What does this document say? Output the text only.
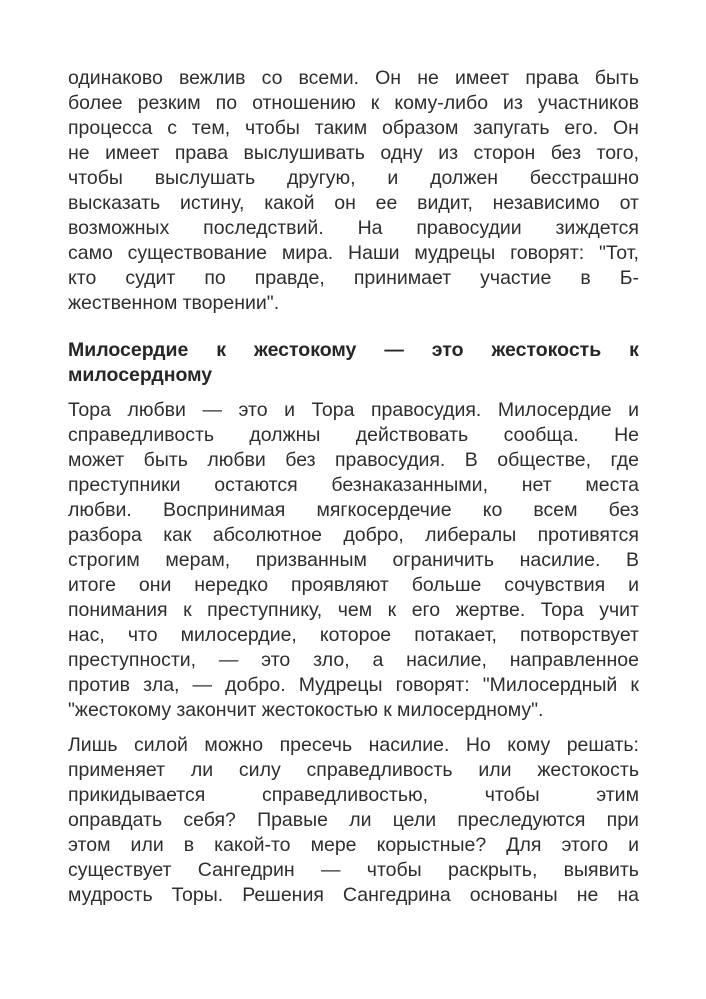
одинаково вежлив со всеми. Он не имеет права быть
более резким по отношению к кому-либо из участников
процесса с тем, чтобы таким образом запугать его. Он
не имеет права выслушивать одну из сторон без того,
чтобы выслушать другую, и должен бесстрашно
высказать истину, какой он ее видит, независимо от
возможных последствий. На правосудии зиждется
само существование мира. Наши мудрецы говорят: "Тот,
кто судит по правде, принимает участие в Б-
жественном творении".
Милосердие к жестокому — это жестокость к
милосердному
Тора любви — это и Тора правосудия. Милосердие и
справедливость должны действовать сообща. Не
может быть любви без правосудия. В обществе, где
преступники остаются безнаказанными, нет места
любви. Воспринимая мягкосердечие ко всем без
разбора как абсолютное добро, либералы противятся
строгим мерам, призванным ограничить насилие. В
итоге они нередко проявляют больше сочувствия и
понимания к преступнику, чем к его жертве. Тора учит
нас, что милосердие, которое потакает, потворствует
преступности, — это зло, а насилие, направленное
против зла, — добро. Мудрецы говорят: "Милосердный к
"жестокому закончит жестокостью к милосердному".
Лишь силой можно пресечь насилие. Но кому решать:
применяет ли силу справедливость или жестокость
прикидывается	справедливостью,	чтобы	этим
оправдать себя? Правые ли цели преследуются при
этом или в какой-то мере корыстные? Для этого и
существует Сангедрин — чтобы раскрыть, выявить
мудрость Торы. Решения Сангедрина основаны не на
